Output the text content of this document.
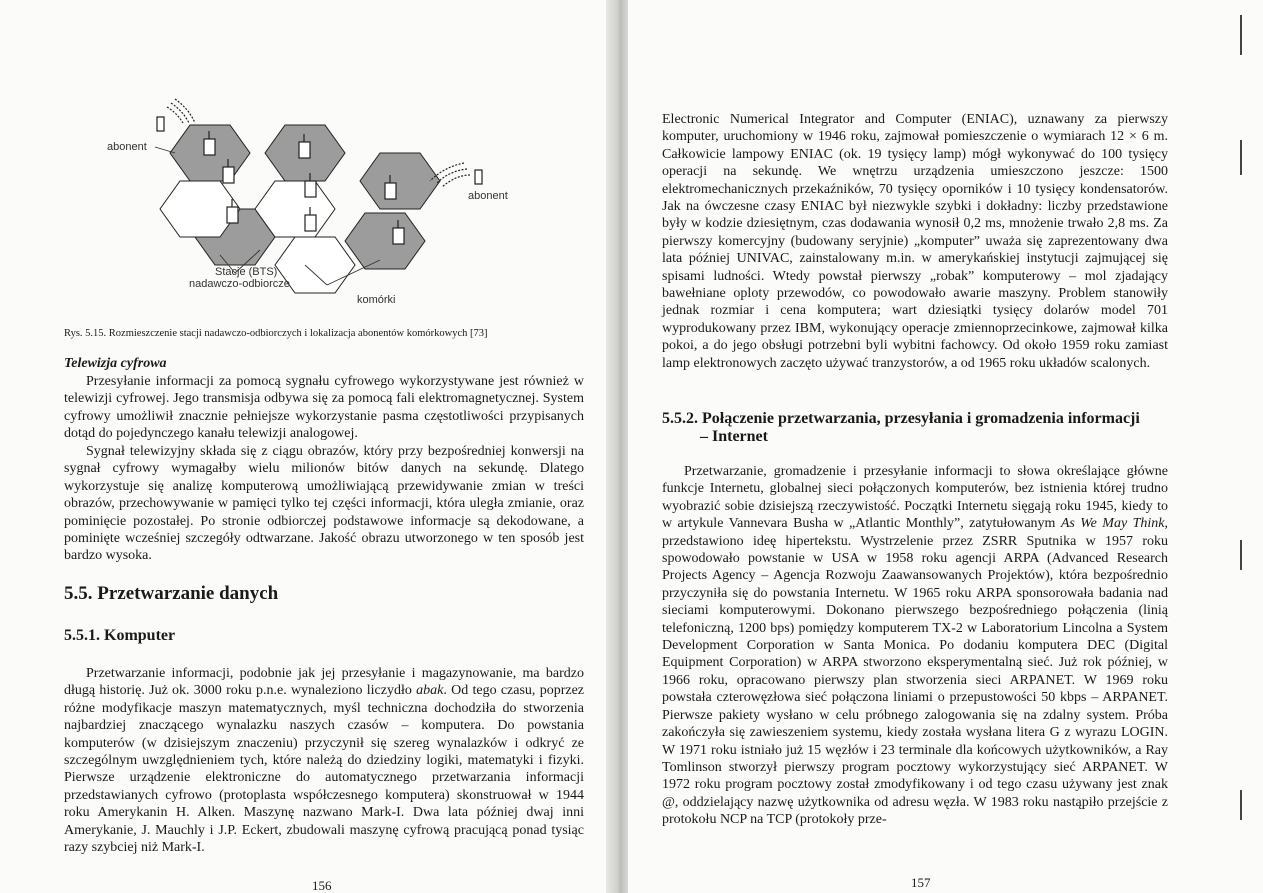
abonent
abonent
Stacje (BTS)
nadawczo-odbiorcze
komórki
Rys. 5.15. Rozmieszczenie stacji nadawczo-odbiorczych i lokalizacja abonentów komórkowych [73]
Telewizja cyfrowa
Przesyłanie informacji za pomocą sygnału cyfrowego wykorzystywane jest również w telewizji cyfrowej. Jego transmisja odbywa się za pomocą fali elektromagnetycznej. System cyfrowy umożliwił znacznie pełniejsze wykorzystanie pasma częstotliwości przypisanych dotąd do pojedynczego kanału telewizji analogowej.
Sygnał telewizyjny składa się z ciągu obrazów, który przy bezpośredniej konwersji na sygnał cyfrowy wymagałby wielu milionów bitów danych na sekundę. Dlatego wykorzystuje się analizę komputerową umożliwiającą przewidywanie zmian w treści obrazów, przechowywanie w pamięci tylko tej części informacji, która uległa zmianie, oraz pominięcie pozostałej. Po stronie odbiorczej podstawowe informacje są dekodowane, a pominięte wcześniej szczegóły odtwarzane. Jakość obrazu utworzonego w ten sposób jest bardzo wysoka.
5.5. Przetwarzanie danych
5.5.1. Komputer
Przetwarzanie informacji, podobnie jak jej przesyłanie i magazynowanie, ma bardzo długą historię. Już ok. 3000 roku p.n.e. wynaleziono liczydło abak. Od tego czasu, poprzez różne modyfikacje maszyn matematycznych, myśl techniczna dochodziła do stworzenia najbardziej znaczącego wynalazku naszych czasów – komputera. Do powstania komputerów (w dzisiejszym znaczeniu) przyczynił się szereg wynalazków i odkryć ze szczególnym uwzględnieniem tych, które należą do dziedziny logiki, matematyki i fizyki. Pierwsze urządzenie elektroniczne do automatycznego przetwarzania informacji przedstawianych cyfrowo (protoplasta współczesnego komputera) skonstruował w 1944 roku Amerykanin H. Alken. Maszynę nazwano Mark-I. Dwa lata później dwaj inni Amerykanie, J. Mauchly i J.P. Eckert, zbudowali maszynę cyfrową pracującą ponad tysiąc razy szybciej niż Mark-I.
156
Electronic Numerical Integrator and Computer (ENIAC), uznawany za pierwszy komputer, uruchomiony w 1946 roku, zajmował pomieszczenie o wymiarach 12 × 6 m. Całkowicie lampowy ENIAC (ok. 19 tysięcy lamp) mógł wykonywać do 100 tysięcy operacji na sekundę. We wnętrzu urządzenia umieszczono jeszcze: 1500 elektromechanicznych przekaźników, 70 tysięcy oporników i 10 tysięcy kondensatorów. Jak na ówczesne czasy ENIAC był niezwykle szybki i dokładny: liczby przedstawione były w kodzie dziesiętnym, czas dodawania wynosił 0,2 ms, mnożenie trwało 2,8 ms. Za pierwszy komercyjny (budowany seryjnie) „komputer” uważa się zaprezentowany dwa lata później UNIVAC, zainstalowany m.in. w amerykańskiej instytucji zajmującej się spisami ludności. Wtedy powstał pierwszy „robak” komputerowy – mol zjadający bawełniane oploty przewodów, co powodowało awarie maszyny. Problem stanowiły jednak rozmiar i cena komputera; wart dziesiątki tysięcy dolarów model 701 wyprodukowany przez IBM, wykonujący operacje zmiennoprzecinkowe, zajmował kilka pokoi, a do jego obsługi potrzebni byli wybitni fachowcy. Od około 1959 roku zamiast lamp elektronowych zaczęto używać tranzystorów, a od 1965 roku układów scalonych.
5.5.2. Połączenie przetwarzania, przesyłania i gromadzenia informacji
– Internet
Przetwarzanie, gromadzenie i przesyłanie informacji to słowa określające główne funkcje Internetu, globalnej sieci połączonych komputerów, bez istnienia której trudno wyobrazić sobie dzisiejszą rzeczywistość. Początki Internetu sięgają roku 1945, kiedy to w artykule Vannevara Busha w „Atlantic Monthly”, zatytułowanym As We May Think, przedstawiono ideę hipertekstu. Wystrzelenie przez ZSRR Sputnika w 1957 roku spowodowało powstanie w USA w 1958 roku agencji ARPA (Advanced Research Projects Agency – Agencja Rozwoju Zaawansowanych Projektów), która bezpośrednio przyczyniła się do powstania Internetu. W 1965 roku ARPA sponsorowała badania nad sieciami komputerowymi. Dokonano pierwszego bezpośredniego połączenia (linią telefoniczną, 1200 bps) pomiędzy komputerem TX-2 w Laboratorium Lincolna a System Development Corporation w Santa Monica. Po dodaniu komputera DEC (Digital Equipment Corporation) w ARPA stworzono eksperymentalną sieć. Już rok później, w 1966 roku, opracowano pierwszy plan stworzenia sieci ARPANET. W 1969 roku powstała czterowęzłowa sieć połączona liniami o przepustowości 50 kbps – ARPANET. Pierwsze pakiety wysłano w celu próbnego zalogowania się na zdalny system. Próba zakończyła się zawieszeniem systemu, kiedy została wysłana litera G z wyrazu LOGIN. W 1971 roku istniało już 15 węzłów i 23 terminale dla końcowych użytkowników, a Ray Tomlinson stworzył pierwszy program pocztowy wykorzystujący sieć ARPANET. W 1972 roku program pocztowy został zmodyfikowany i od tego czasu używany jest znak @, oddzielający nazwę użytkownika od adresu węzła. W 1983 roku nastąpiło przejście z protokołu NCP na TCP (protokoły prze-
157
